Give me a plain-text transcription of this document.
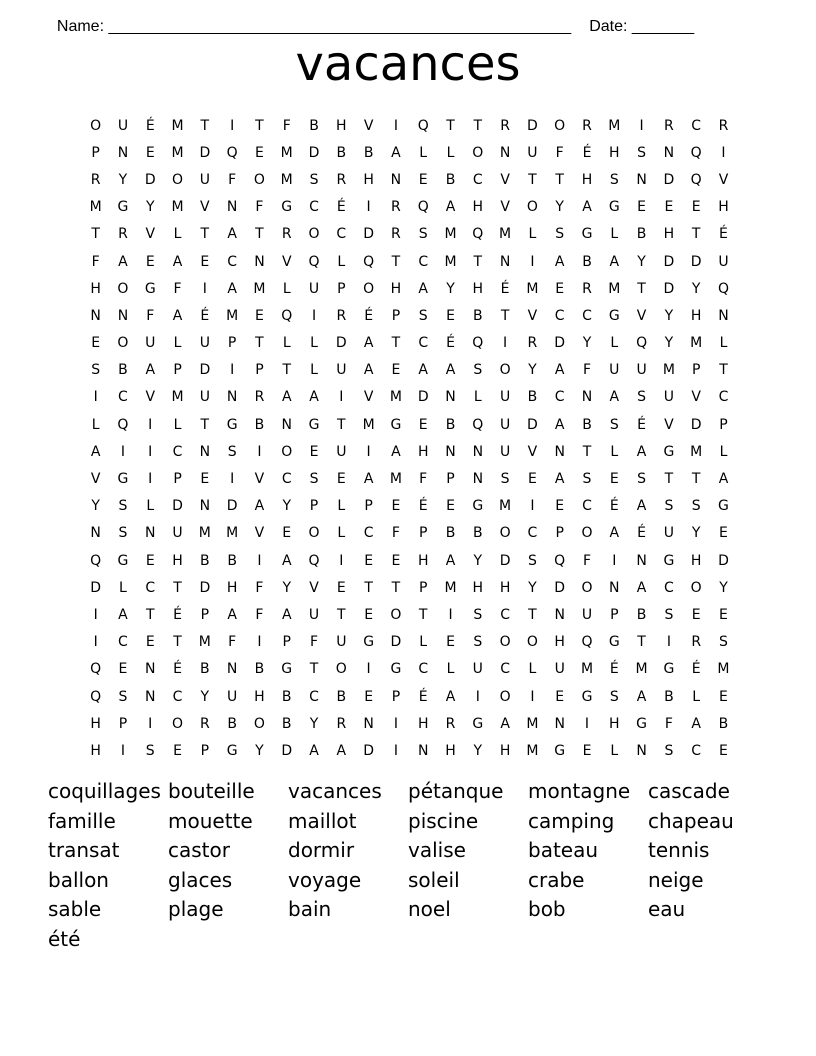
Name: ____________________________________________________ Date: _______

vacances
O	U	É	M	T	I	T	F	B	H	V	I	Q	T	T	R	D	O	R	M	I	R	C	R
P	N	E	M	D	Q	E	M	D	B	B	A	L	L	O	N	U	F	É	H	S	N	Q	I
R	Y	D	O	U	F	O	M	S	R	H	N	E	B	C	V	T	T	H	S	N	D	Q	V
M	G	Y	M	V	N	F	G	C	É	I	R	Q	A	H	V	O	Y	A	G	E	E	E	H
T	R	V	L	T	A	T	R	O	C	D	R	S	M	Q	M	L	S	G	L	B	H	T	É
F	A	E	A	E	C	N	V	Q	L	Q	T	C	M	T	N	I	A	B	A	Y	D	D	U
H	O	G	F	I	A	M	L	U	P	O	H	A	Y	H	É	M	E	R	M	T	D	Y	Q
N	N	F	A	É	M	E	Q	I	R	É	P	S	E	B	T	V	C	C	G	V	Y	H	N
E	O	U	L	U	P	T	L	L	D	A	T	C	É	Q	I	R	D	Y	L	Q	Y	M	L
S	B	A	P	D	I	P	T	L	U	A	E	A	A	S	O	Y	A	F	U	U	M	P	T
I	C	V	M	U	N	R	A	A	I	V	M	D	N	L	U	B	C	N	A	S	U	V	C
L	Q	I	L	T	G	B	N	G	T	M	G	E	B	Q	U	D	A	B	S	É	V	D	P
A	I	I	C	N	S	I	O	E	U	I	A	H	N	N	U	V	N	T	L	A	G	M	L
V	G	I	P	E	I	V	C	S	E	A	M	F	P	N	S	E	A	S	E	S	T	T	A
Y	S	L	D	N	D	A	Y	P	L	P	E	É	E	G	M	I	E	C	É	A	S	S	G
N	S	N	U	M	M	V	E	O	L	C	F	P	B	B	O	C	P	O	A	É	U	Y	E
Q	G	E	H	B	B	I	A	Q	I	E	E	H	A	Y	D	S	Q	F	I	N	G	H	D
D	L	C	T	D	H	F	Y	V	E	T	T	P	M	H	H	Y	D	O	N	A	C	O	Y
I	A	T	É	P	A	F	A	U	T	E	O	T	I	S	C	T	N	U	P	B	S	E	E
I	C	E	T	M	F	I	P	F	U	G	D	L	E	S	O	O	H	Q	G	T	I	R	S
Q	E	N	É	B	N	B	G	T	O	I	G	C	L	U	C	L	U	M	É	M	G	É	M
Q	S	N	C	Y	U	H	B	C	B	E	P	É	A	I	O	I	E	G	S	A	B	L	E
H	P	I	O	R	B	O	B	Y	R	N	I	H	R	G	A	M	N	I	H	G	F	A	B
H	I	S	E	P	G	Y	D	A	A	D	I	N	H	Y	H	M	G	E	L	N	S	C	E
coquillages bouteille	vacances	pétanque	montagne cascade
famille	mouette	maillot	piscine	camping	chapeau
transat	castor	dormir	valise	bateau	tennis
ballon	glaces	voyage	soleil	crabe	neige
sable	plage	bain	noel	bob	eau
été
